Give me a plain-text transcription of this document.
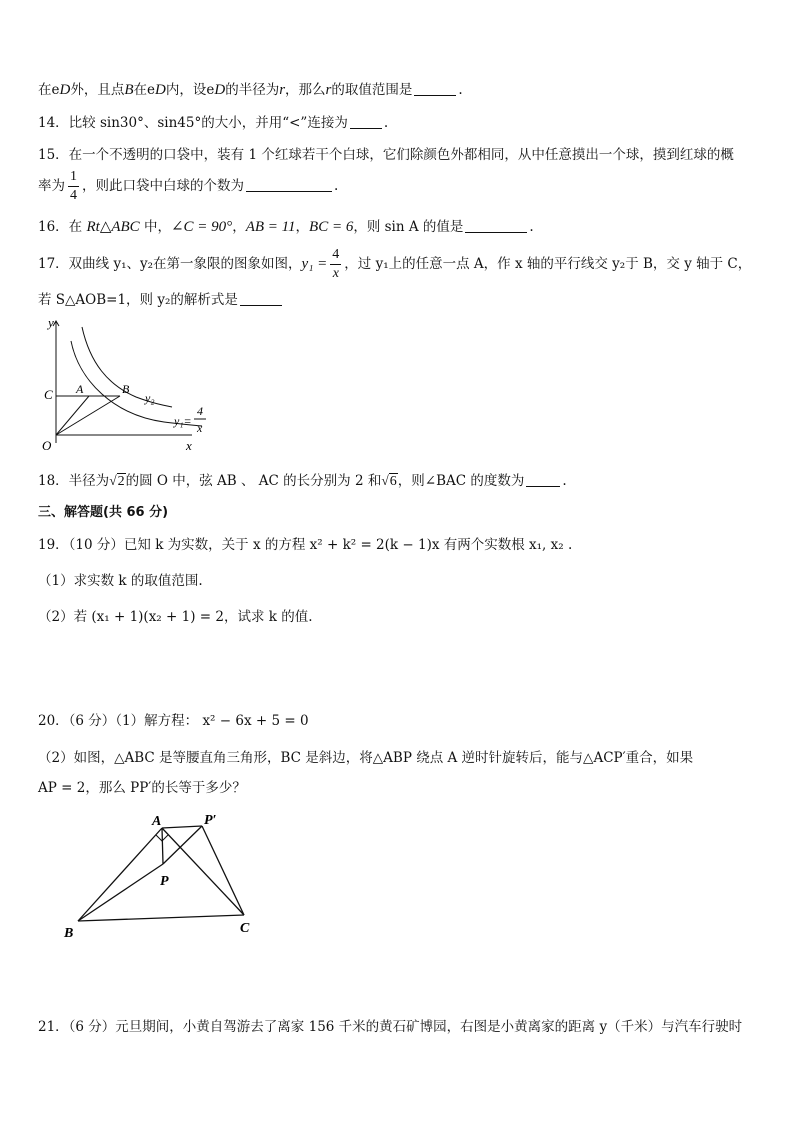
在eD外，且点B在eD内，设eD的半径为r，那么r的取值范围是	.
14．比较 sin30°、sin45°的大小，并用“<”连接为	.
15．在一个不透明的口袋中，装有 1 个红球若干个白球，它们除颜色外都相同，从中任意摸出一个球，摸到红球的概
率为 $\frac{1}{4}$ ，则此口袋中白球的个数为	.
16．在 Rt△ABC 中，∠C = 90°，AB = 11，BC = 6，则 sin A 的值是	.
17．双曲线 y₁、y₂在第一象限的图象如图，$y_1 = \frac{4}{x}$ ，过 y₁上的任意一点 A，作 x 轴的平行线交 y₂于 B，交 y 轴于 C，
若 S△AOB=1，则 y₂的解析式是
y
C
O
A	B
y₂
y₁=
4
x
x
18．半径为√2的圆 O 中，弦 AB 、 AC 的长分别为 2 和√6，则∠BAC 的度数为	.
三、解答题(共 66 分)
19．（10 分）已知 k 为实数，关于 x 的方程 x² + k² = 2(k − 1)x 有两个实数根 x₁, x₂ .
（1）求实数 k 的取值范围.
（2）若 (x₁ + 1)(x₂ + 1) = 2，试求 k 的值.
20．（6 分）（1）解方程： x² − 6x + 5 = 0
（2）如图，△ABC 是等腰直角三角形，BC 是斜边，将△ABP 绕点 A 逆时针旋转后，能与△ACP′重合，如果
AP = 2，那么 PP′的长等于多少？
A	P′
P
B	C
21．（6 分）元旦期间，小黄自驾游去了离家 156 千米的黄石矿博园，右图是小黄离家的距离 y（千米）与汽车行驶时
